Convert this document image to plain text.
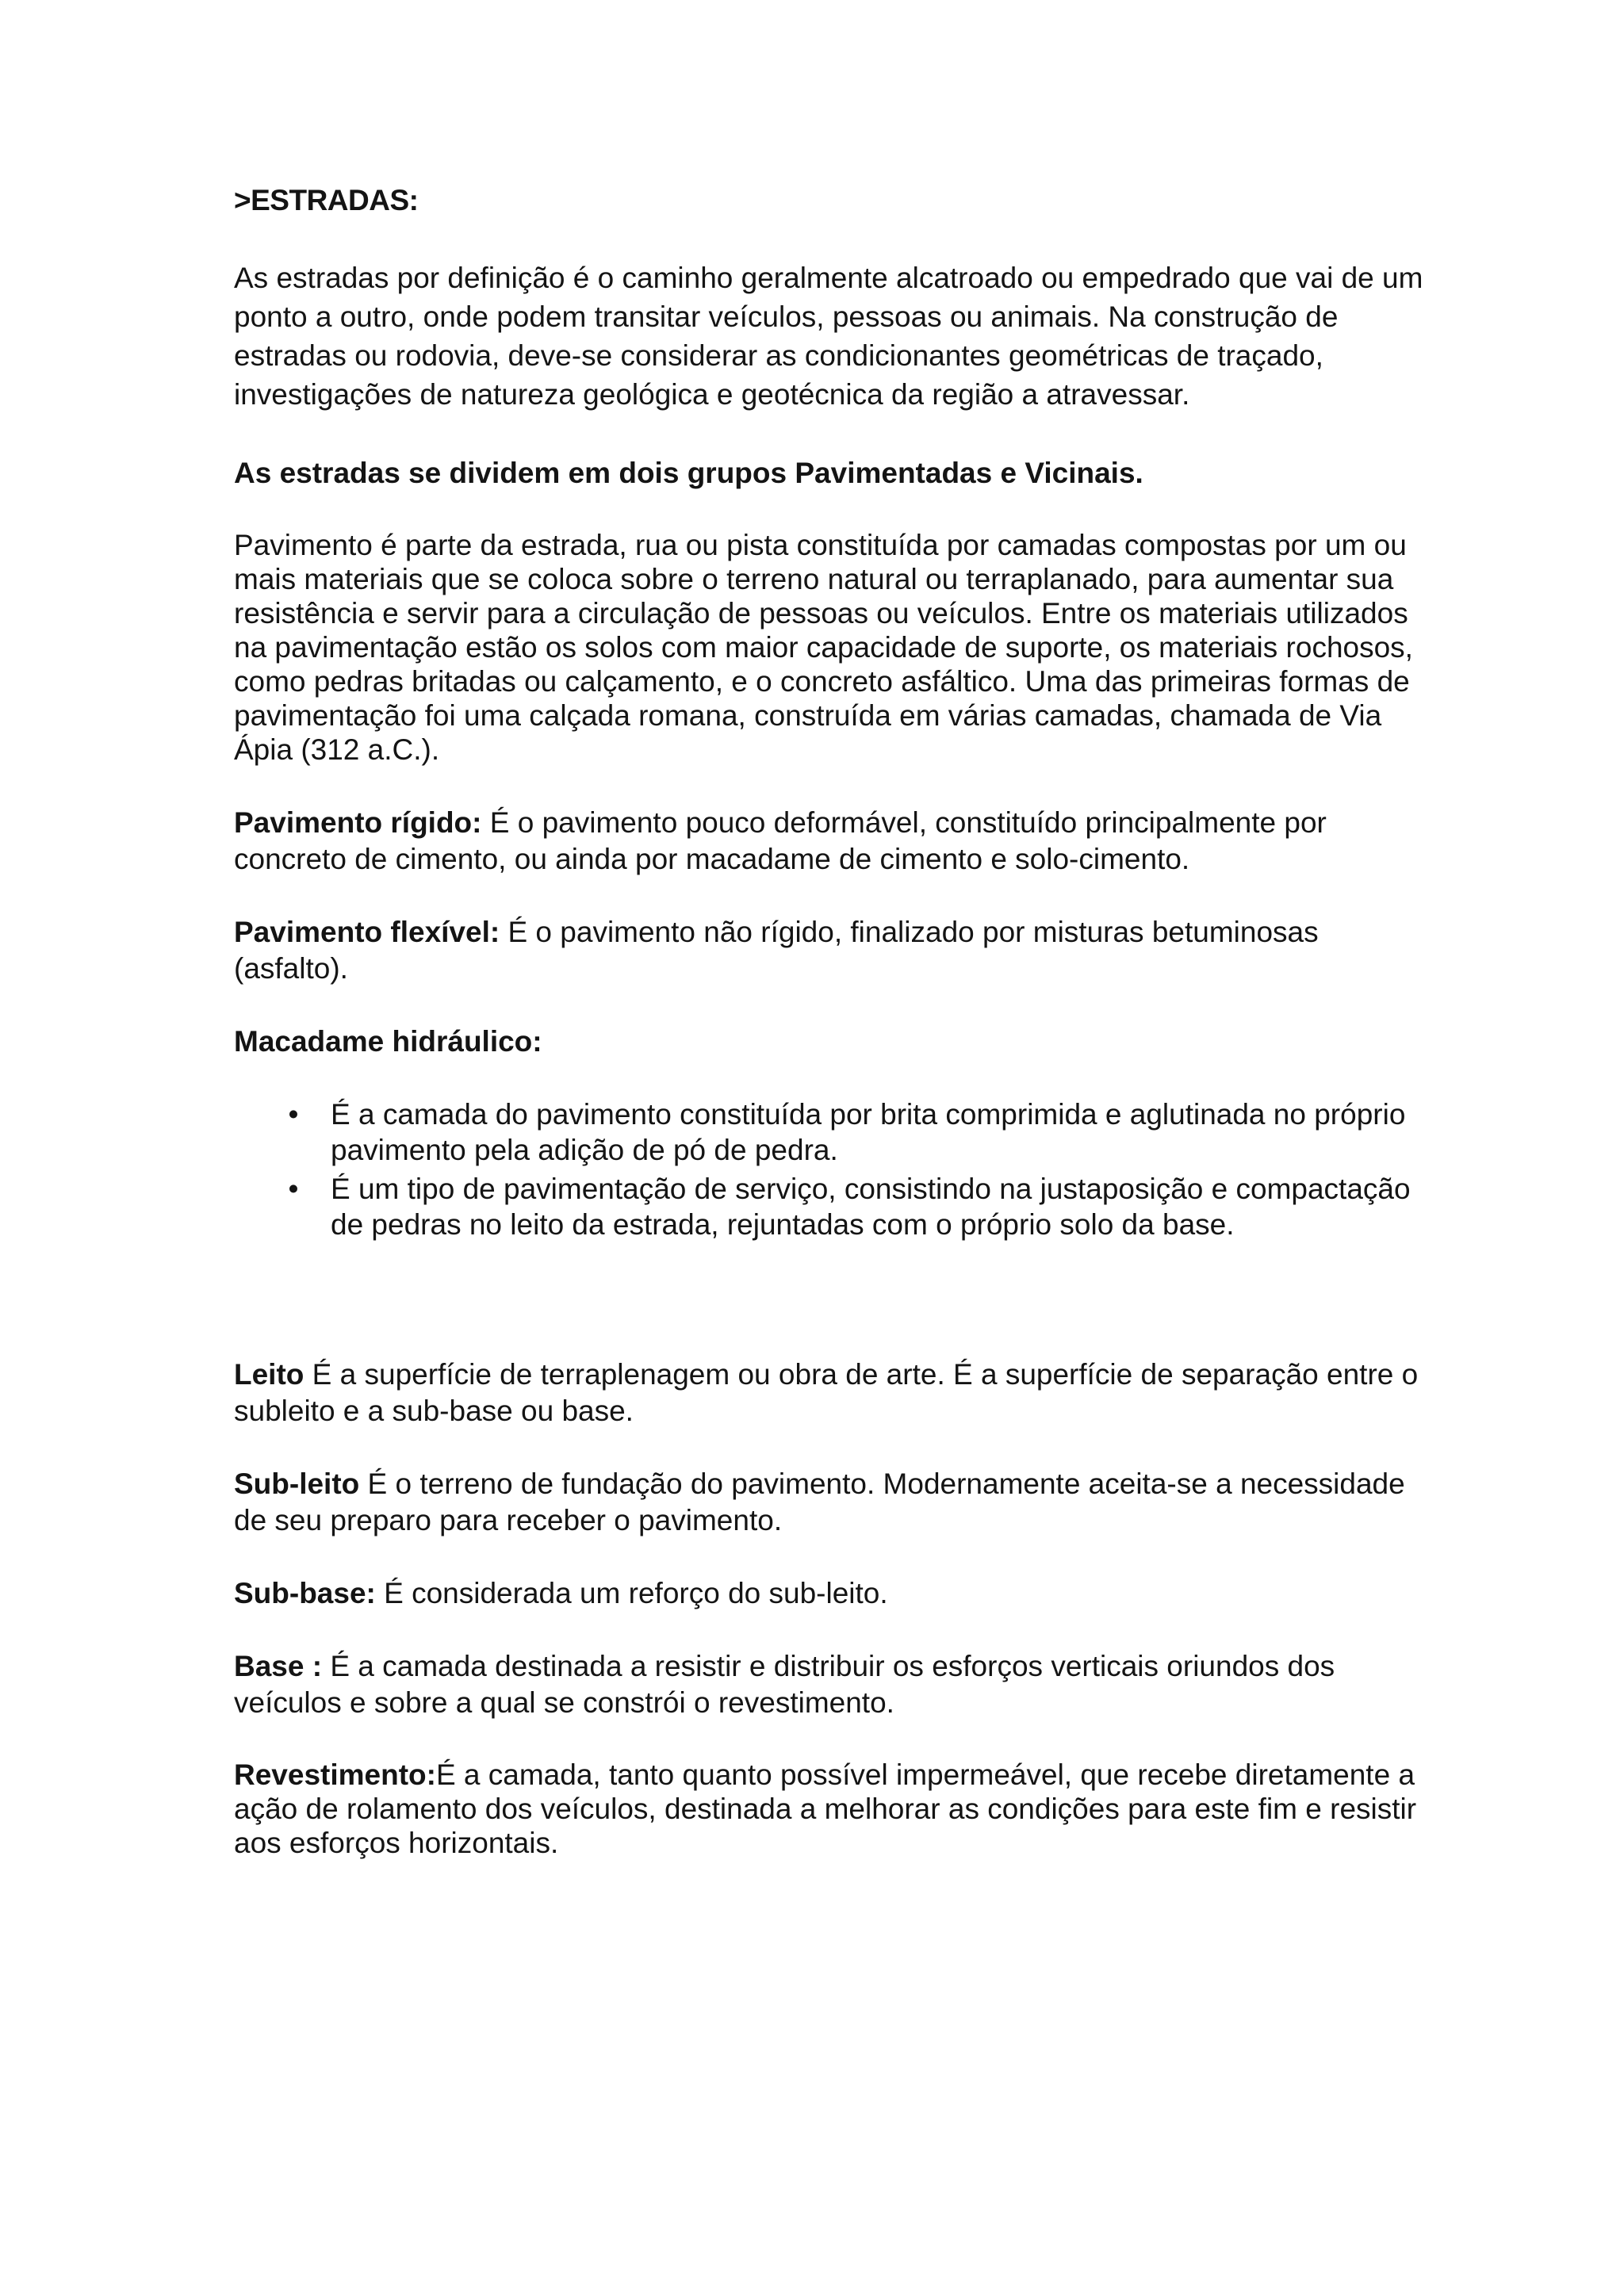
>ESTRADAS:

As estradas por definição é o caminho geralmente alcatroado ou empedrado que vai de um ponto a outro, onde podem transitar veículos, pessoas ou animais. Na construção de estradas ou rodovia, deve-se considerar as condicionantes geométricas de traçado, investigações de natureza geológica e geotécnica da região a atravessar.

As estradas se dividem em dois grupos Pavimentadas e Vicinais.

Pavimento é parte da estrada, rua ou pista constituída por camadas compostas por um ou mais materiais que se coloca sobre o terreno natural ou terraplanado, para aumentar sua resistência e servir para a circulação de pessoas ou veículos. Entre os materiais utilizados na pavimentação estão os solos com maior capacidade de suporte, os materiais rochosos, como pedras britadas ou calçamento, e o concreto asfáltico. Uma das primeiras formas de pavimentação foi uma calçada romana, construída em várias camadas, chamada de Via Ápia (312 a.C.).

Pavimento rígido: É o pavimento pouco deformável, constituído principalmente por concreto de cimento, ou ainda por macadame de cimento e solo-cimento.

Pavimento flexível: É o pavimento não rígido, finalizado por misturas betuminosas (asfalto).

Macadame hidráulico:

• É a camada do pavimento constituída por brita comprimida e aglutinada no próprio pavimento pela adição de pó de pedra.
• É um tipo de pavimentação de serviço, consistindo na justaposição e compactação de pedras no leito da estrada, rejuntadas com o próprio solo da base.

Leito É a superfície de terraplenagem ou obra de arte. É a superfície de separação entre o subleito e a sub-base ou base.

Sub-leito É o terreno de fundação do pavimento. Modernamente aceita-se a necessidade de seu preparo para receber o pavimento.

Sub-base: É considerada um reforço do sub-leito.

Base : É a camada destinada a resistir e distribuir os esforços verticais oriundos dos veículos e sobre a qual se constrói o revestimento.

Revestimento:É a camada, tanto quanto possível impermeável, que recebe diretamente a ação de rolamento dos veículos, destinada a melhorar as condições para este fim e resistir aos esforços horizontais.
